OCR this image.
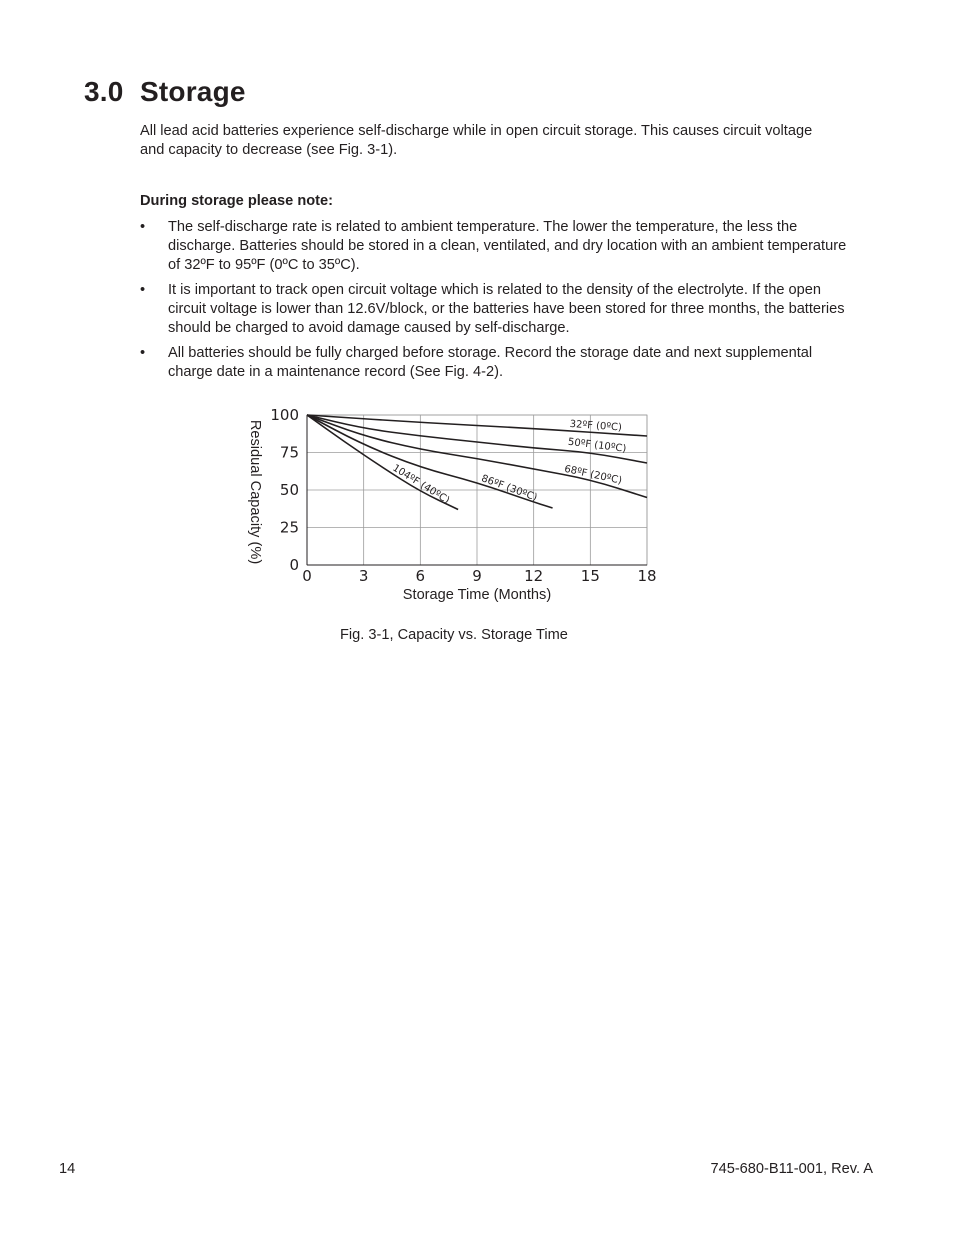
3.0 Storage

All lead acid batteries experience self-discharge while in open circuit storage. This causes circuit voltage and capacity to decrease (see Fig. 3-1).

During storage please note:

• The self-discharge rate is related to ambient temperature. The lower the temperature, the less the discharge. Batteries should be stored in a clean, ventilated, and dry location with an ambient temperature of 32ºF to 95ºF (0ºC to 35ºC).
• It is important to track open circuit voltage which is related to the density of the electrolyte. If the open circuit voltage is lower than 12.6V/block, or the batteries have been stored for three months, the batteries should be charged to avoid damage caused by self-discharge.
• All batteries should be fully charged before storage. Record the storage date and next supplemental charge date in a maintenance record (See Fig. 4-2).
0	3	6	9	12	15	18
100
75
50
25
0
32ºF (0ºC)
50ºF (10ºC)
68ºF (20ºC)
86ºF (30ºC)
104ºF (40ºC)
Storage Time (Months)
Residual Capacity (%)
Fig. 3-1, Capacity vs. Storage Time
14	745-680-B11-001, Rev. A
